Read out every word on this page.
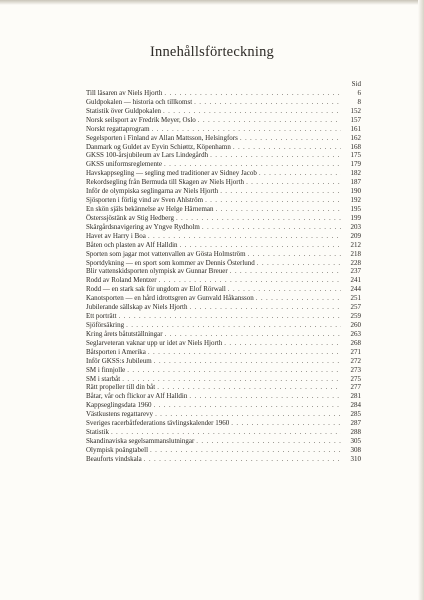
Innehållsförteckning
Sid
Till läsaren av Niels Hjorth . . .	6
Guldpokalen — historia och tillkomst . . .	8
Statistik över Guldpokalen . . .	152
Norsk seilsport av Fredrik Meyer, Oslo . . .	157
Norskt regattaprogram . . .	161
Segelsporten i Finland av Allan Mattsson, Helsingfors . . .	162
Danmark og Guldet av Eyvin Schiøttz, Köpenhamn . . .	168
GKSS 100-årsjubileum av Lars Lindegårdh . . .	175
GKSS uniformsreglemente . . .	179
Havskappsegling — segling med traditioner av Sidney Jacob . . .	182
Rekordsegling från Bermuda till Skagen av Niels Hjorth . . .	187
Inför de olympiska seglingarna av Niels Hjorth . . .	190
Sjösporten i förlig vind av Sven Ahlström . . .	192
En skön själs bekännelse av Helge Härneman . . .	195
Österssjöstänk av Stig Hedberg . . .	199
Skärgårdsnavigering av Yngve Rydholm . . .	203
Havet av Harry i Boa . . .	209
Båten och plasten av Alf Halldin . . .	212
Sporten som jagar mot vattenvallen av Gösta Holmström . . .	218
Sportdykning — en sport som kommer av Dennis Österlund . . .	228
Blir vattenskidsporten olympisk av Gunnar Breuer . . .	237
Rodd av Roland Mentzer . . .	241
Rodd — en stark sak för ungdom av Elof Rörwall . . .	244
Kanotsporten — en hård idrottsgren av Gunvald Håkansson . . .	251
Jubilerande sällskap av Niels Hjorth . . .	257
Ett porträtt . . .	259
Sjöförsäkring . . .	260
Kring årets båtutställningar . . .	263
Seglarveteran vaknar upp ur idet av Niels Hjorth . . .	268
Båtsporten i Amerika . . .	271
Inför GKSS:s Jubileum . . .	272
SM i finnjolle . . .	273
SM i starbåt . . .	275
Rätt propeller till din båt . . .	277
Båtar, vår och flickor av Alf Halldin . . .	281
Kappseglingsdata 1960 . . .	284
Västkustens regattarevy . . .	285
Sveriges racerbåtfederations tävlingskalender 1960 . . .	287
Statistik . . .	288
Skandinaviska segelsammanslutningar . . .	305
Olympisk poängtabell . . .	308
Beauforts vindskala . . .	310
